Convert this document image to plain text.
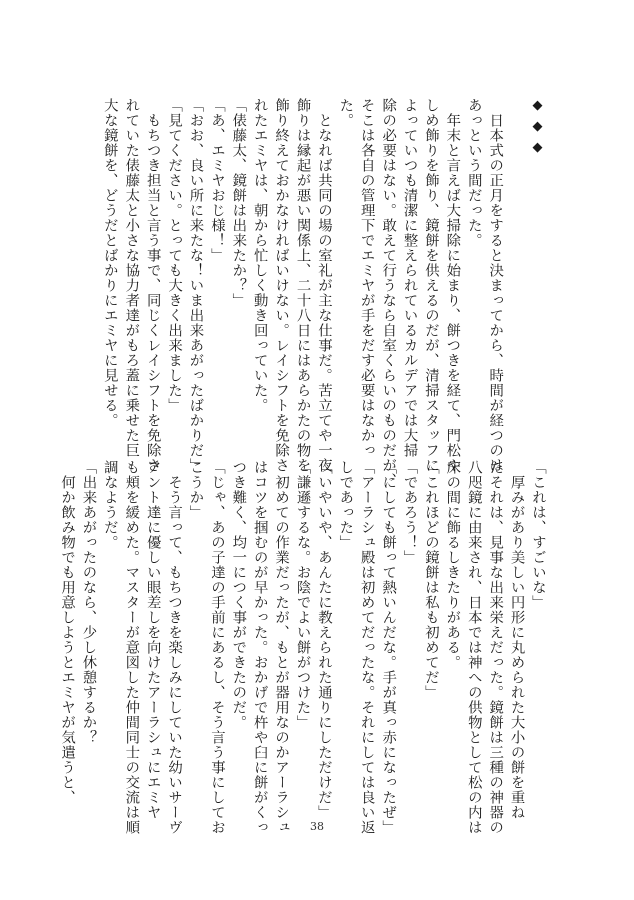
◆◆◆

　日本式の正月をすると決まってから、時間が経つのは
あっという間だった。
　年末と言えば大掃除に始まり、餅つきを経て、門松や
しめ飾りを飾り、鏡餅を供えるのだが、清掃スタッフに
よっていつも清潔に整えられているカルデアでは大掃
除の必要はない。敢えて行うなら自室くらいのものだが、
そこは各自の管理下でエミヤが手をだす必要はなかっ
た。
　となれば共同の場の室礼が主な仕事だ。苦立てや一夜
飾りは縁起が悪い関係上、二十八日にはあらかたの物を
飾り終えておかなければいけない。レイシフトを免除さ
れたエミヤは、朝から忙しく動き回っていた。
「俵藤太、鏡餅は出来たか？」
「あ、エミヤおじ様！」
「おお、良い所に来たな！いま出来あがったばかりだ」
「見てください。とっても大きく出来ました」
　もちつき担当と言う事で、同じくレイシフトを免除さ
れていた俵藤太と小さな協力者達がもろ蓋に乗せた巨
大な鏡餅を、どうだとばかりにエミヤに見せる。
「これは、すごいな」
　厚みがあり美しい円形に丸められた大小の餅を重ね
たそれは、見事な出来栄えだった。鏡餅は三種の神器の
八咫鏡に由来され、日本では神への供物として松の内は
床の間に飾るしきたりがある。
「これほどの鏡餅は私も初めてだ」
「であろう！」
「にしても餅って熱いんだな。手が真っ赤になったぜ」
「アーラシュ殿は初めてだったな。それにしては良い返
しであった」
「いやいや、あんたに教えられた通りにしただけだ」
「謙遜するな。お陰でよい餅がつけた」
　初めての作業だったが、もとが器用なのかアーラシュ
はコツを掴むのが早かった。おかげで杵や臼に餅がくっ
つき難く、均一につく事ができたのだ。
「じゃ、あの子達の手前にあるし、そう言う事にしてお
こうか」
　そう言って、もちつきを楽しみにしていた幼いサーヴ
アント達に優しい眼差しを向けたアーラシュにエミヤ
も頬を緩めた。マスターが意図した仲間同士の交流は順
調なようだ。
「出来あがったのなら、少し休憩するか？
　何か飲み物でも用意しようとエミヤが気遣うと、
38
